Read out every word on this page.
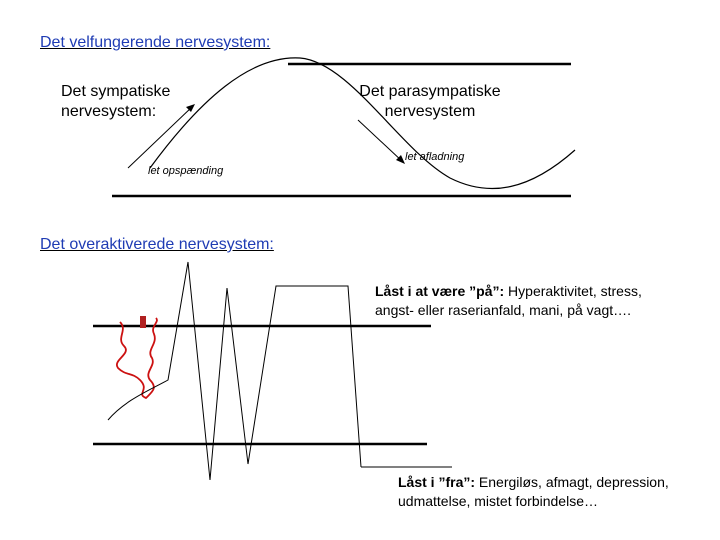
Det velfungerende nervesystem:
Det overaktiverede nervesystem:
Det sympatiske
nervesystem:
Det parasympatiske
nervesystem
let opspænding
let afladning
Låst i at være ”på”: Hyperaktivitet, stress,
angst- eller raserianfald, mani, på vagt….
Låst i ”fra”: Energiløs, afmagt, depression,
udmattelse, mistet forbindelse…
